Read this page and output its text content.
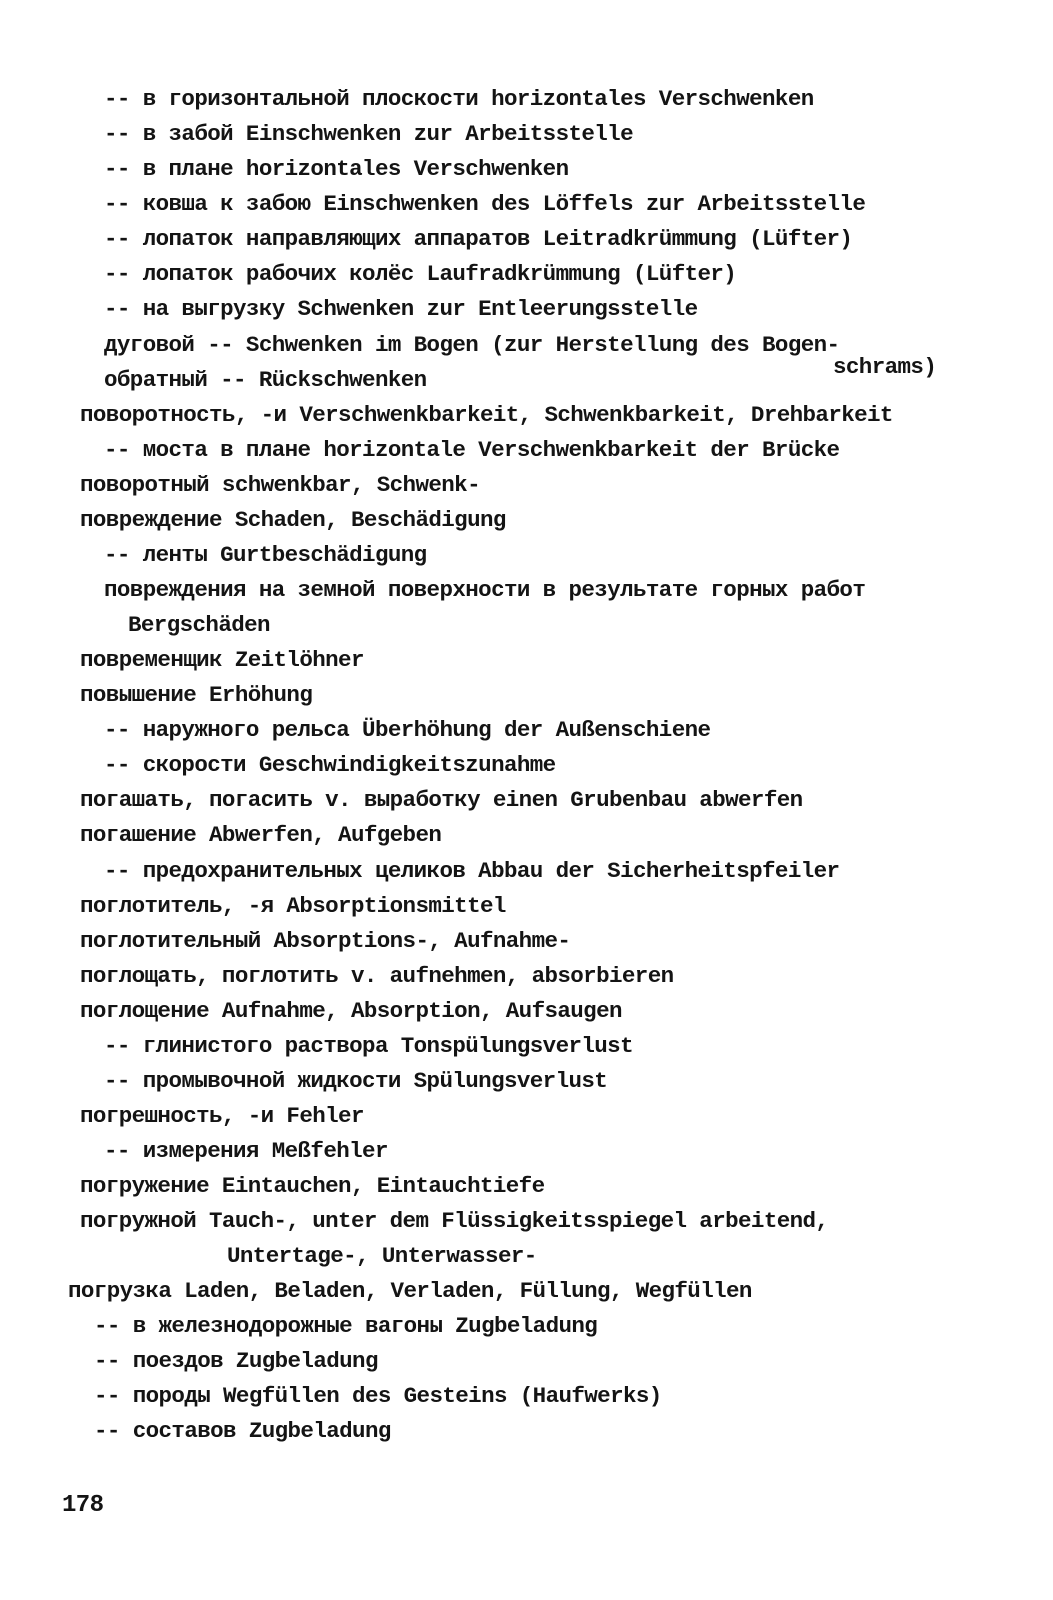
-- в горизонтальной плоскости horizontales Verschwenken
-- в забой Einschwenken zur Arbeitsstelle
-- в плане horizontales Verschwenken
-- ковша к забою Einschwenken des Löffels zur Arbeitsstelle
-- лопаток направляющих аппаратов Leitradkrümmung (Lüfter)
-- лопаток рабочих колёс Laufradkrümmung (Lüfter)
-- на выгрузку Schwenken zur Entleerungsstelle
дуговой -- Schwenken im Bogen (zur Herstellung des Bogen-
обратный -- Rückschwenken	schrams)
поворотность, -и Verschwenkbarkeit, Schwenkbarkeit, Drehbarkeit
-- моста в плане horizontale Verschwenkbarkeit der Brücke
поворотный schwenkbar, Schwenk-
повреждение Schaden, Beschädigung
-- ленты Gurtbeschädigung
повреждения на земной поверхности в результате горных работ
Bergschäden
повременщик Zeitlöhner
повышение Erhöhung
-- наружного рельса Überhöhung der Außenschiene
-- скорости Geschwindigkeitszunahme
погашать, погасить v. выработку einen Grubenbau abwerfen
погашение Abwerfen, Aufgeben
-- предохранительных целиков Abbau der Sicherheitspfeiler
поглотитель, -я Absorptionsmittel
поглотительный Absorptions-, Aufnahme-
поглощать, поглотить v. aufnehmen, absorbieren
поглощение Aufnahme, Absorption, Aufsaugen
-- глинистого раствора Tonspülungsverlust
-- промывочной жидкости Spülungsverlust
погрешность, -и Fehler
-- измерения Meßfehler
погружение Eintauchen, Eintauchtiefe
погружной Tauch-, unter dem Flüssigkeitsspiegel arbeitend,
Untertage-, Unterwasser-
погрузка Laden, Beladen, Verladen, Füllung, Wegfüllen
-- в железнодорожные вагоны Zugbeladung
-- поездов Zugbeladung
-- породы Wegfüllen des Gesteins (Haufwerks)
-- составов Zugbeladung
178
